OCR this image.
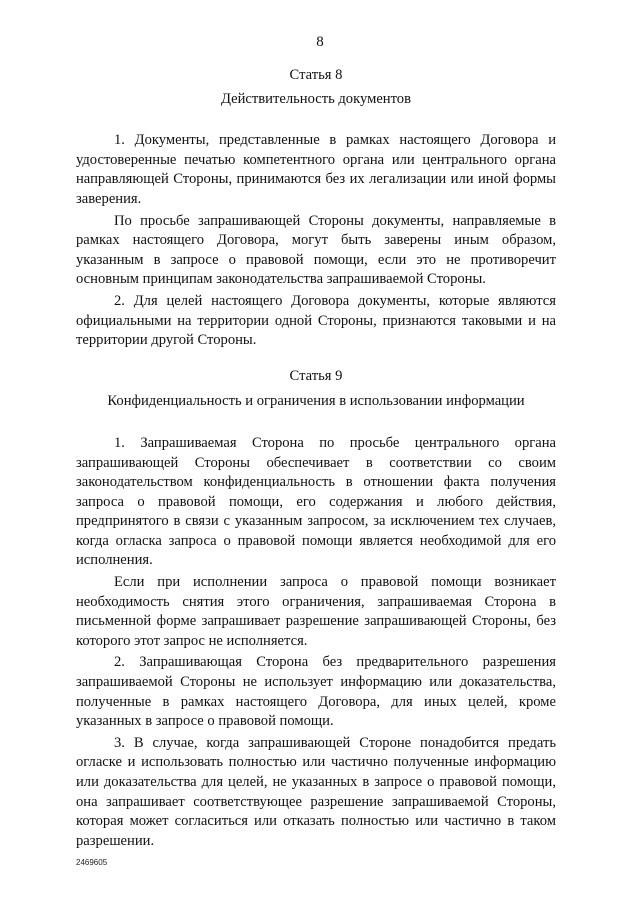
8

Статья 8

Действительность документов

1. Документы, представленные в рамках настоящего Договора и удостоверенные печатью компетентного органа или центрального органа направляющей Стороны, принимаются без их легализации или иной формы заверения.

По просьбе запрашивающей Стороны документы, направляемые в рамках настоящего Договора, могут быть заверены иным образом, указанным в запросе о правовой помощи, если это не противоречит основным принципам законодательства запрашиваемой Стороны.

2. Для целей настоящего Договора документы, которые являются официальными на территории одной Стороны, признаются таковыми и на территории другой Стороны.

Статья 9

Конфиденциальность и ограничения в использовании информации

1. Запрашиваемая Сторона по просьбе центрального органа запрашивающей Стороны обеспечивает в соответствии со своим законодательством конфиденциальность в отношении факта получения запроса о правовой помощи, его содержания и любого действия, предпринятого в связи с указанным запросом, за исключением тех случаев, когда огласка запроса о правовой помощи является необходимой для его исполнения.

Если при исполнении запроса о правовой помощи возникает необходимость снятия этого ограничения, запрашиваемая Сторона в письменной форме запрашивает разрешение запрашивающей Стороны, без которого этот запрос не исполняется.

2. Запрашивающая Сторона без предварительного разрешения запрашиваемой Стороны не использует информацию или доказательства, полученные в рамках настоящего Договора, для иных целей, кроме указанных в запросе о правовой помощи.

3. В случае, когда запрашивающей Стороне понадобится предать огласке и использовать полностью или частично полученные информацию или доказательства для целей, не указанных в запросе о правовой помощи, она запрашивает соответствующее разрешение запрашиваемой Стороны, которая может согласиться или отказать полностью или частично в таком разрешении.

2469605
